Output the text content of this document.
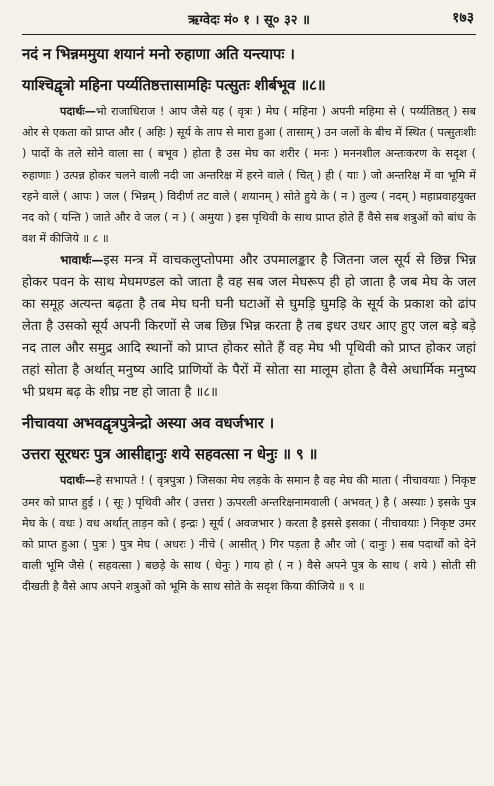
ऋग्वेदः मं० १ । सू० ३२ ॥	१७३
नदं न भिन्नममुया शयानं मनो रुहाणा अति यन्त्यापः ।
याश्चिद्वृत्रो महिना पर्य्यतिष्ठत्तासामहिः पत्सुतः शीर्बभूव ॥८॥

पदार्थः—भो राजाधिराज ! आप जैसे यह ( वृत्रः ) मेघ ( महिना ) अपनी महिमा से ( पर्य्यतिष्ठत् ) सब ओर से एकता को प्राप्त और ( अहिः ) सूर्य के ताप से मारा हुआ ( तासाम् ) उन जलों के बीच में स्थित ( पत्सुतःशीः ) पादों के तले सोने वाला सा ( बभूव ) होता है उस मेघ का शरीर ( मनः ) मननशील अन्तःकरण के सदृश ( रुहाणाः ) उत्पन्न होकर चलने वाली नदी जा अन्तरिक्ष में हरने वाले ( चित् ) ही ( याः ) जो अन्तरिक्ष में वा भूमि में रहने वाले ( आपः ) जल ( भिन्नम् ) विदीर्ण तट वाले ( शयानम् ) सोते हुये के ( न ) तुल्य ( नदम् ) महाप्रवाहयुक्त नद को ( यन्ति ) जाते और वे जल ( न ) ( अमुया ) इस पृथिवी के साथ प्राप्त होते हैं वैसे सब शत्रुओं को बांध के वश में कीजिये ॥ ८ ॥

भावार्थः—इस मन्त्र में वाचकलुप्तोपमा और उपमालङ्कार है जितना जल सूर्य से छिन्न भिन्न होकर पवन के साथ मेघमण्डल को जाता है वह सब जल मेघरूप ही हो जाता है जब मेघ के जल का समूह अत्यन्त बढ़ता है तब मेघ घनी घनी घटाओं से घुमड़ि घुमड़ि के सूर्य के प्रकाश को ढांप लेता है उसको सूर्य अपनी किरणों से जब छिन्न भिन्न करता है तब इधर उधर आए हुए जल बड़े बड़े नद ताल और समुद्र आदि स्थानों को प्राप्त होकर सोते हैं वह मेघ भी पृथिवी को प्राप्त होकर जहां तहां सोता है अर्थात् मनुष्य आदि प्राणियों के पैरों में सोता सा मालूम होता है वैसे अधार्मिक मनुष्य भी प्रथम बढ़ के शीघ्र नष्ट हो जाता है ॥८॥

नीचावया अभवद्वृत्रपुत्रेन्द्रो अस्या अव वधर्जभार ।
उत्तरा सूरधरः पुत्र आसीद्दानुः शये सहवत्सा न धेनुः ॥ ९ ॥

पदार्थः—हे सभापते ! ( वृत्रपुत्रा ) जिसका मेघ लड़के के समान है वह मेघ की माता ( नीचावयाः ) निकृष्ट उमर को प्राप्त हुई । ( सूः ) पृथिवी और ( उत्तरा ) ऊपरली अन्तरिक्षनामवाली ( अभवत् ) है ( अस्याः ) इसके पुत्र मेघ के ( वधः ) वध अर्थात् ताड़न को ( इन्द्रः ) सूर्य ( अवजभार ) करता है इससे इसका ( नीचावयाः ) निकृष्ट उमर को प्राप्त हुआ ( पुत्रः ) पुत्र मेघ ( अधरः ) नीचे ( आसीत् ) गिर पड़ता है और जो ( दानुः ) सब पदार्थों को देने वाली भूमि जैसे ( सहवत्सा ) बछड़े के साथ ( धेनुः ) गाय हो ( न ) वैसे अपने पुत्र के साथ ( शये ) सोती सी दीखती है वैसे आप अपने शत्रुओं को भूमि के साथ सोते के सदृश किया कीजिये ॥ ९ ॥
